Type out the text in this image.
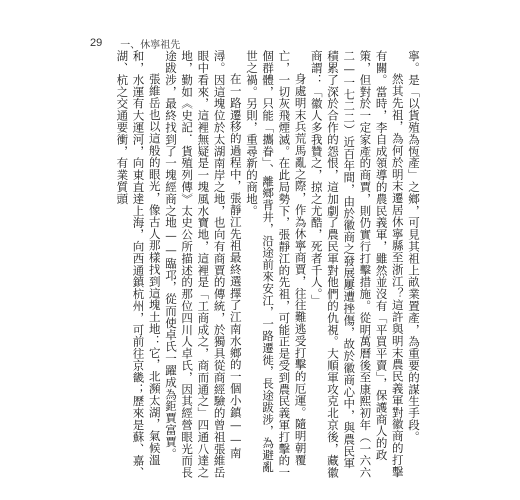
29 一、休寧祖先

寧。是「以貨殖為恆產」之鄉，可見其祖上畝業置產，為重要的謀生手段。

然其先祖，為何於明末遷居休寧縣至浙江？這許與明末農民義軍對徽商的打擊有關。當時，李自成領導的農民義軍，雖然並沒有「平買平賣」，保護商人的政策，但對於一定家產的商賈，則仍實行打擊措施。從明萬曆後至康熙初年（一六六二—一七二二）近百年間，由於徽商之發展屢遭挫傷，故於徽商心中，與農民軍積累了深於合作的怨恨，這加劇了農民軍對他們的仇視。大順軍攻克北京後，藏徽商謂：「徽人多我贊之，掠之尤酷，死者千人。」

身處明末兵荒馬亂之際，作為休寧商賈，往往難逃受打擊的厄運。隨明朝覆亡，一切灰飛煙滅。在此局勢下，張靜江的先祖，可能正是受到農民義軍打擊的一個群體，只能「攜眷」、離鄉背井，沿途前來安江，一路遷徙，長途跋涉，為避亂世之禍。另則，重尋新的商地。

在一路遷移的過程中，張靜江先祖最終選擇了江南水鄉的一個小鎮——南潯。因這塊位於太湖南岸之地，也向有商賈的傳統，於獨具從商經驗的曾祖張維岳眼中看來，這裡無疑是一塊風水寶地，這裡是「工商成之，商而通之」四通八達之地，勤如《史記．貨殖列傳》太史公所描述的那位四川人卓氏，因其經營眼光而長途跋涉，最終找到了一塊經商之地——臨邛，從而使卓氏一躍成為鉅賈富賈。

張維岳也以這般的眼光，像古人那樣找到這塊土地：它，北瀕太湖，氣候溫和，水運有大運河，向東直達上海，向西通鎮杭州，可前往京畿；歷來是蘇、嘉、湖、杭之交通要衝，有業質頭
